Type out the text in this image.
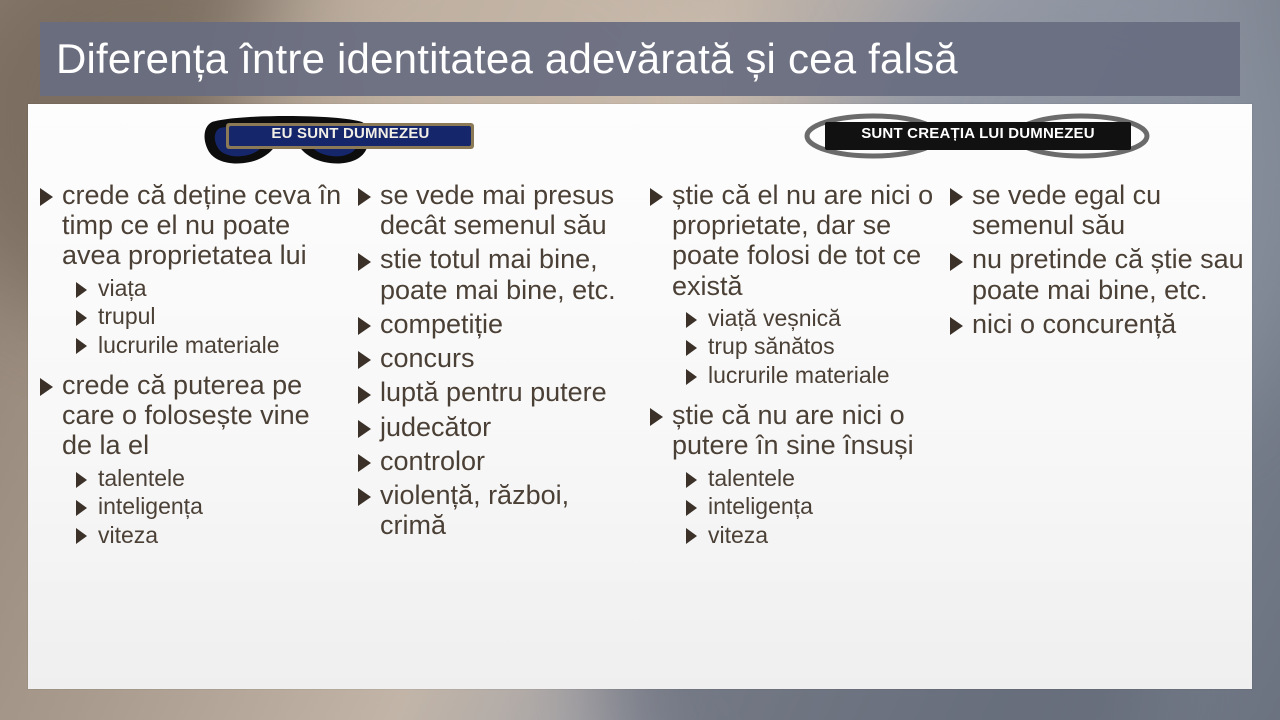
Diferența între identitatea adevărată și cea falsă
EU SUNT DUMNEZEU	SUNT CREAȚIA LUI DUMNEZEU
crede că deține ceva în timp ce el nu poate avea proprietatea lui
viața
trupul
lucrurile materiale
crede că puterea pe care o folosește vine de la el
talentele
inteligența
viteza
se vede mai presus decât semenul său
stie totul mai bine, poate mai bine, etc.
competiție
concurs
luptă pentru putere
judecător
controlor
violență, război, crimă
știe că el nu are nici o proprietate, dar se poate folosi de tot ce există
viață veșnică
trup sănătos
lucrurile materiale
știe că nu are nici o putere în sine însuși
talentele
inteligența
viteza
se vede egal cu semenul său
nu pretinde că știe sau poate mai bine, etc.
nici o concurență
